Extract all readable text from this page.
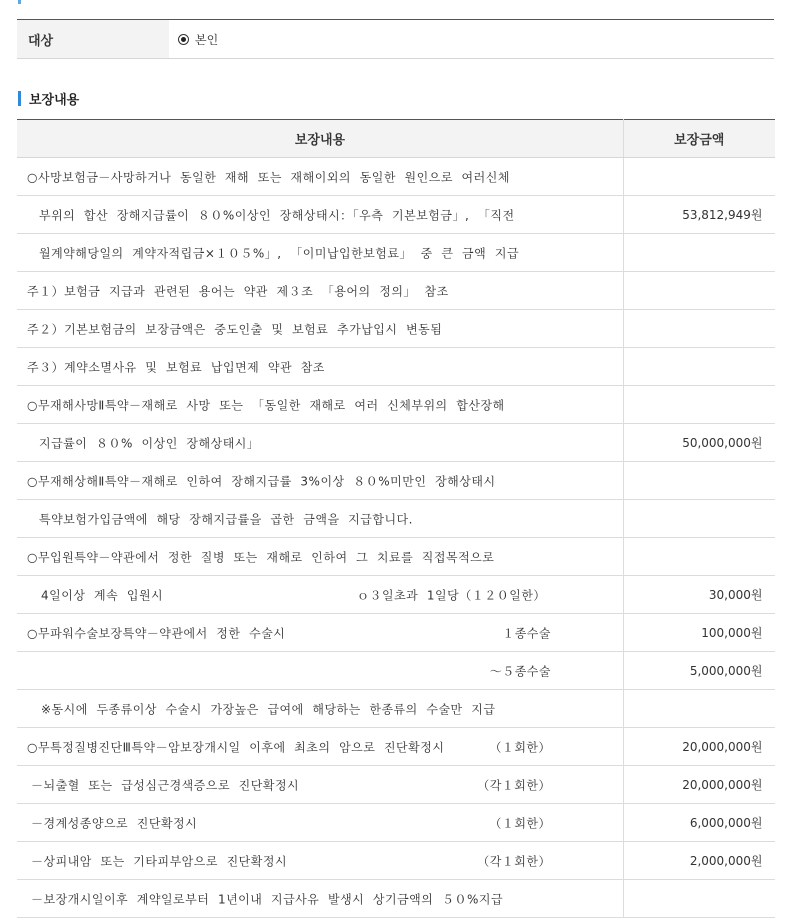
대상	본인
보장내용
보장내용	보장금액

○사망보험금－사망하거나  동일한  재해  또는  재해이외의  동일한  원인으로  여러신체	

부위의  합산  장해지급률이  ８０%이상인  장해상태시：「우측  기본보험금」,  「직전	53,812,949원

월계약해당일의  계약자적립금×１０５%」,  「이미납입한보험료」  중  큰  금액  지급	

주１）보험금  지급과  관련된  용어는  약관  제３조  「용어의  정의」  참조	

주２）기본보험금의  보장금액은  중도인출  및  보험료  추가납입시  변동됨	

주３）계약소멸사유  및  보험료  납입면제  약관  참조	

○무재해사망Ⅱ특약－재해로  사망  또는  「동일한  재해로  여러  신체부위의  합산장해	

지급률이  ８０%  이상인  장해상태시」	50,000,000원

○무재해상해Ⅱ특약－재해로  인하여  장해지급률  3%이상  ８０%미만인  장해상태시	

특약보험가입금액에  해당  장해지급률을  곱한  금액을  지급합니다.	

○무입원특약－약관에서  정한  질병  또는  재해로  인하여  그  치료를  직접목적으로	

4일이상  계속  입원시 ｏ３일초과  1일당（１２０일한）	30,000원

○무파워수술보장특약－약관에서  정한  수술시 １종수술	100,000원

～５종수술	5,000,000원

※동시에  두종류이상  수술시  가장높은  급여에  해당하는  한종류의  수술만  지급	

○무특정질병진단Ⅲ특약－암보장개시일  이후에  최초의  암으로  진단확정시 （１회한）	20,000,000원

－뇌출혈  또는  급성심근경색증으로  진단확정시 （각１회한）	20,000,000원

－경계성종양으로  진단확정시 （１회한）	6,000,000원

－상피내암  또는  기타피부암으로  진단확정시 （각１회한）	2,000,000원

－보장개시일이후  계약일로부터  1년이내  지급사유  발생시  상기금액의  ５０%지급	
